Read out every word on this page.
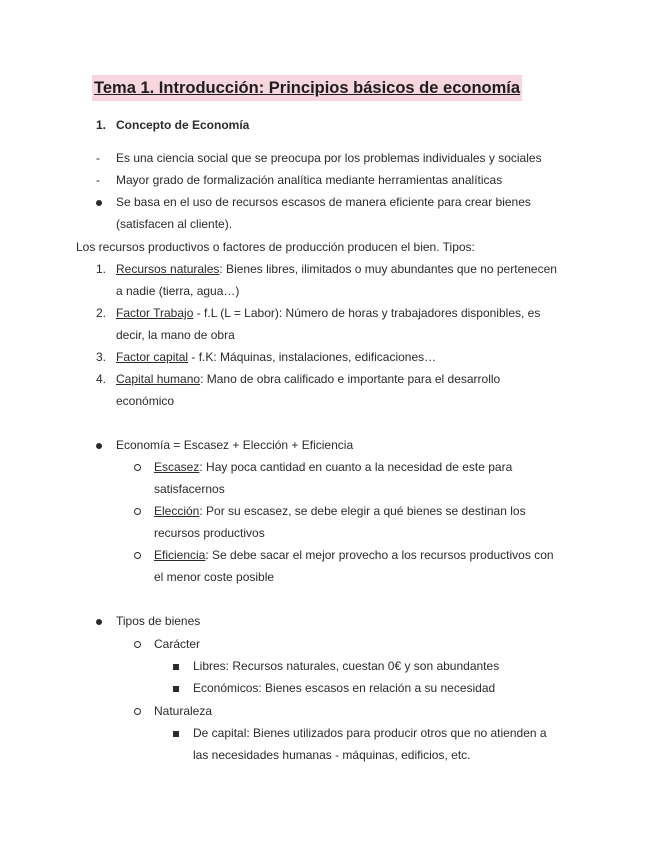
Tema 1. Introducción: Principios básicos de economía
1. Concepto de Economía
- Es una ciencia social que se preocupa por los problemas individuales y sociales
- Mayor grado de formalización analítica mediante herramientas analíticas
Se basa en el uso de recursos escasos de manera eficiente para crear bienes
(satisfacen al cliente).
Los recursos productivos o factores de producción producen el bien. Tipos:
1. Recursos naturales: Bienes libres, ilimitados o muy abundantes que no pertenecen
a nadie (tierra, agua…)
2. Factor Trabajo - f.L (L = Labor): Número de horas y trabajadores disponibles, es
decir, la mano de obra
3. Factor capital - f.K: Máquinas, instalaciones, edificaciones…
4. Capital humano: Mano de obra calificado e importante para el desarrollo
económico
Economía = Escasez + Elección + Eficiencia
Escasez: Hay poca cantidad en cuanto a la necesidad de este para
satisfacernos
Elección: Por su escasez, se debe elegir a qué bienes se destinan los
recursos productivos
Eficiencia: Se debe sacar el mejor provecho a los recursos productivos con
el menor coste posible
Tipos de bienes
Carácter
Libres: Recursos naturales, cuestan 0€ y son abundantes
Económicos: Bienes escasos en relación a su necesidad
Naturaleza
De capital: Bienes utilizados para producir otros que no atienden a
las necesidades humanas - máquinas, edificios, etc.
